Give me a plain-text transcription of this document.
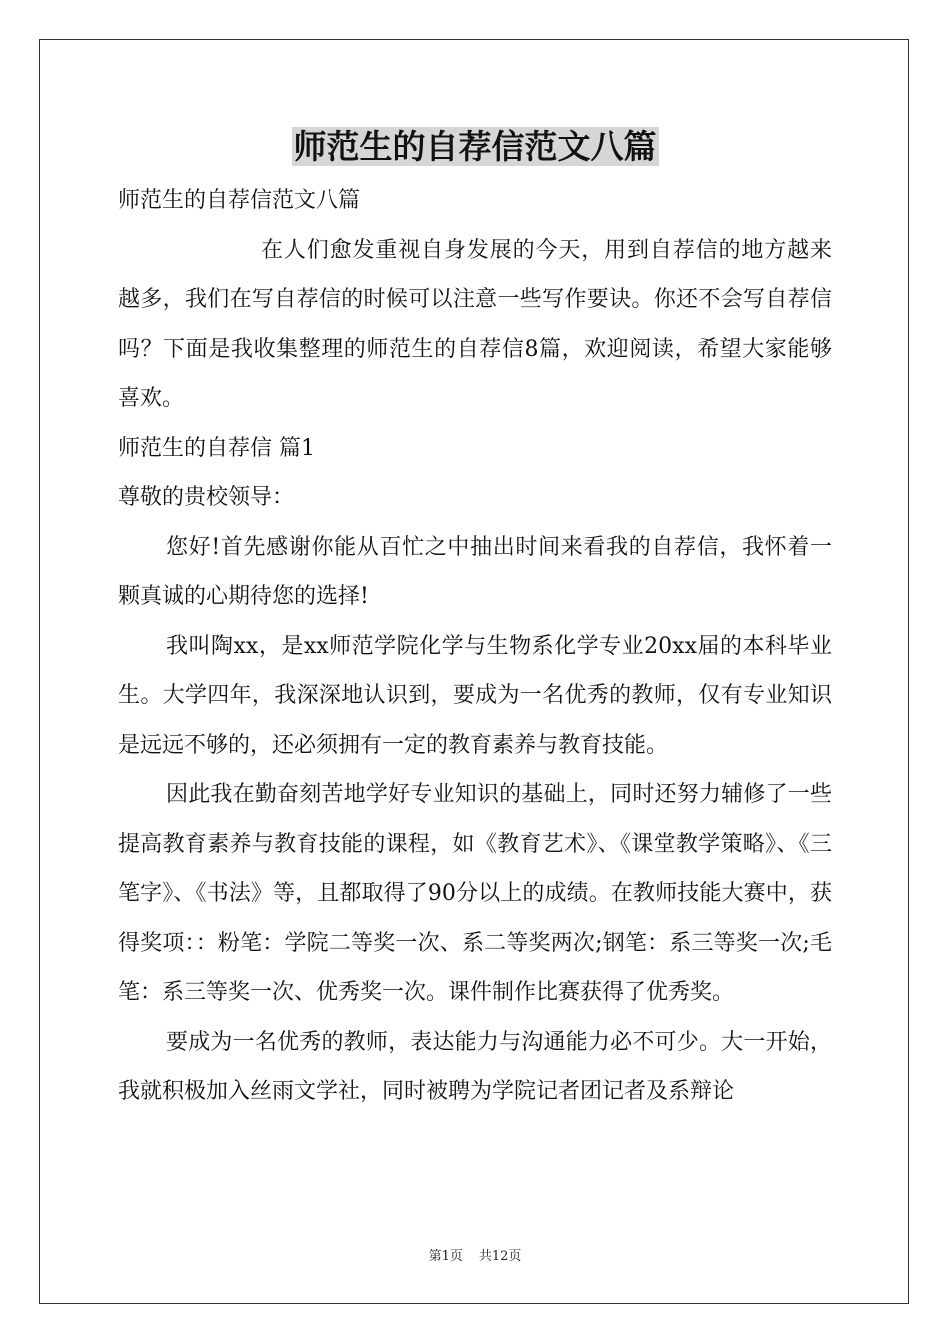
师范生的自荐信范文八篇

师范生的自荐信范文八篇

在人们愈发重视自身发展的今天，用到自荐信的地方越来越多，我们在写自荐信的时候可以注意一些写作要诀。你还不会写自荐信吗？下面是我收集整理的师范生的自荐信8篇，欢迎阅读，希望大家能够喜欢。

师范生的自荐信 篇1

尊敬的贵校领导：

您好!首先感谢你能从百忙之中抽出时间来看我的自荐信，我怀着一颗真诚的心期待您的选择!

我叫陶xx，是xx师范学院化学与生物系化学专业20xx届的本科毕业生。大学四年，我深深地认识到，要成为一名优秀的教师，仅有专业知识是远远不够的，还必须拥有一定的教育素养与教育技能。

因此我在勤奋刻苦地学好专业知识的基础上，同时还努力辅修了一些提高教育素养与教育技能的课程，如《教育艺术》、《课堂教学策略》、《三笔字》、《书法》等，且都取得了90分以上的成绩。在教师技能大赛中，获得奖项：：粉笔：学院二等奖一次、系二等奖两次;钢笔：系三等奖一次;毛笔：系三等奖一次、优秀奖一次。课件制作比赛获得了优秀奖。

要成为一名优秀的教师，表达能力与沟通能力必不可少。大一开始，我就积极加入丝雨文学社，同时被聘为学院记者团记者及系辩论

第1页 共12页
